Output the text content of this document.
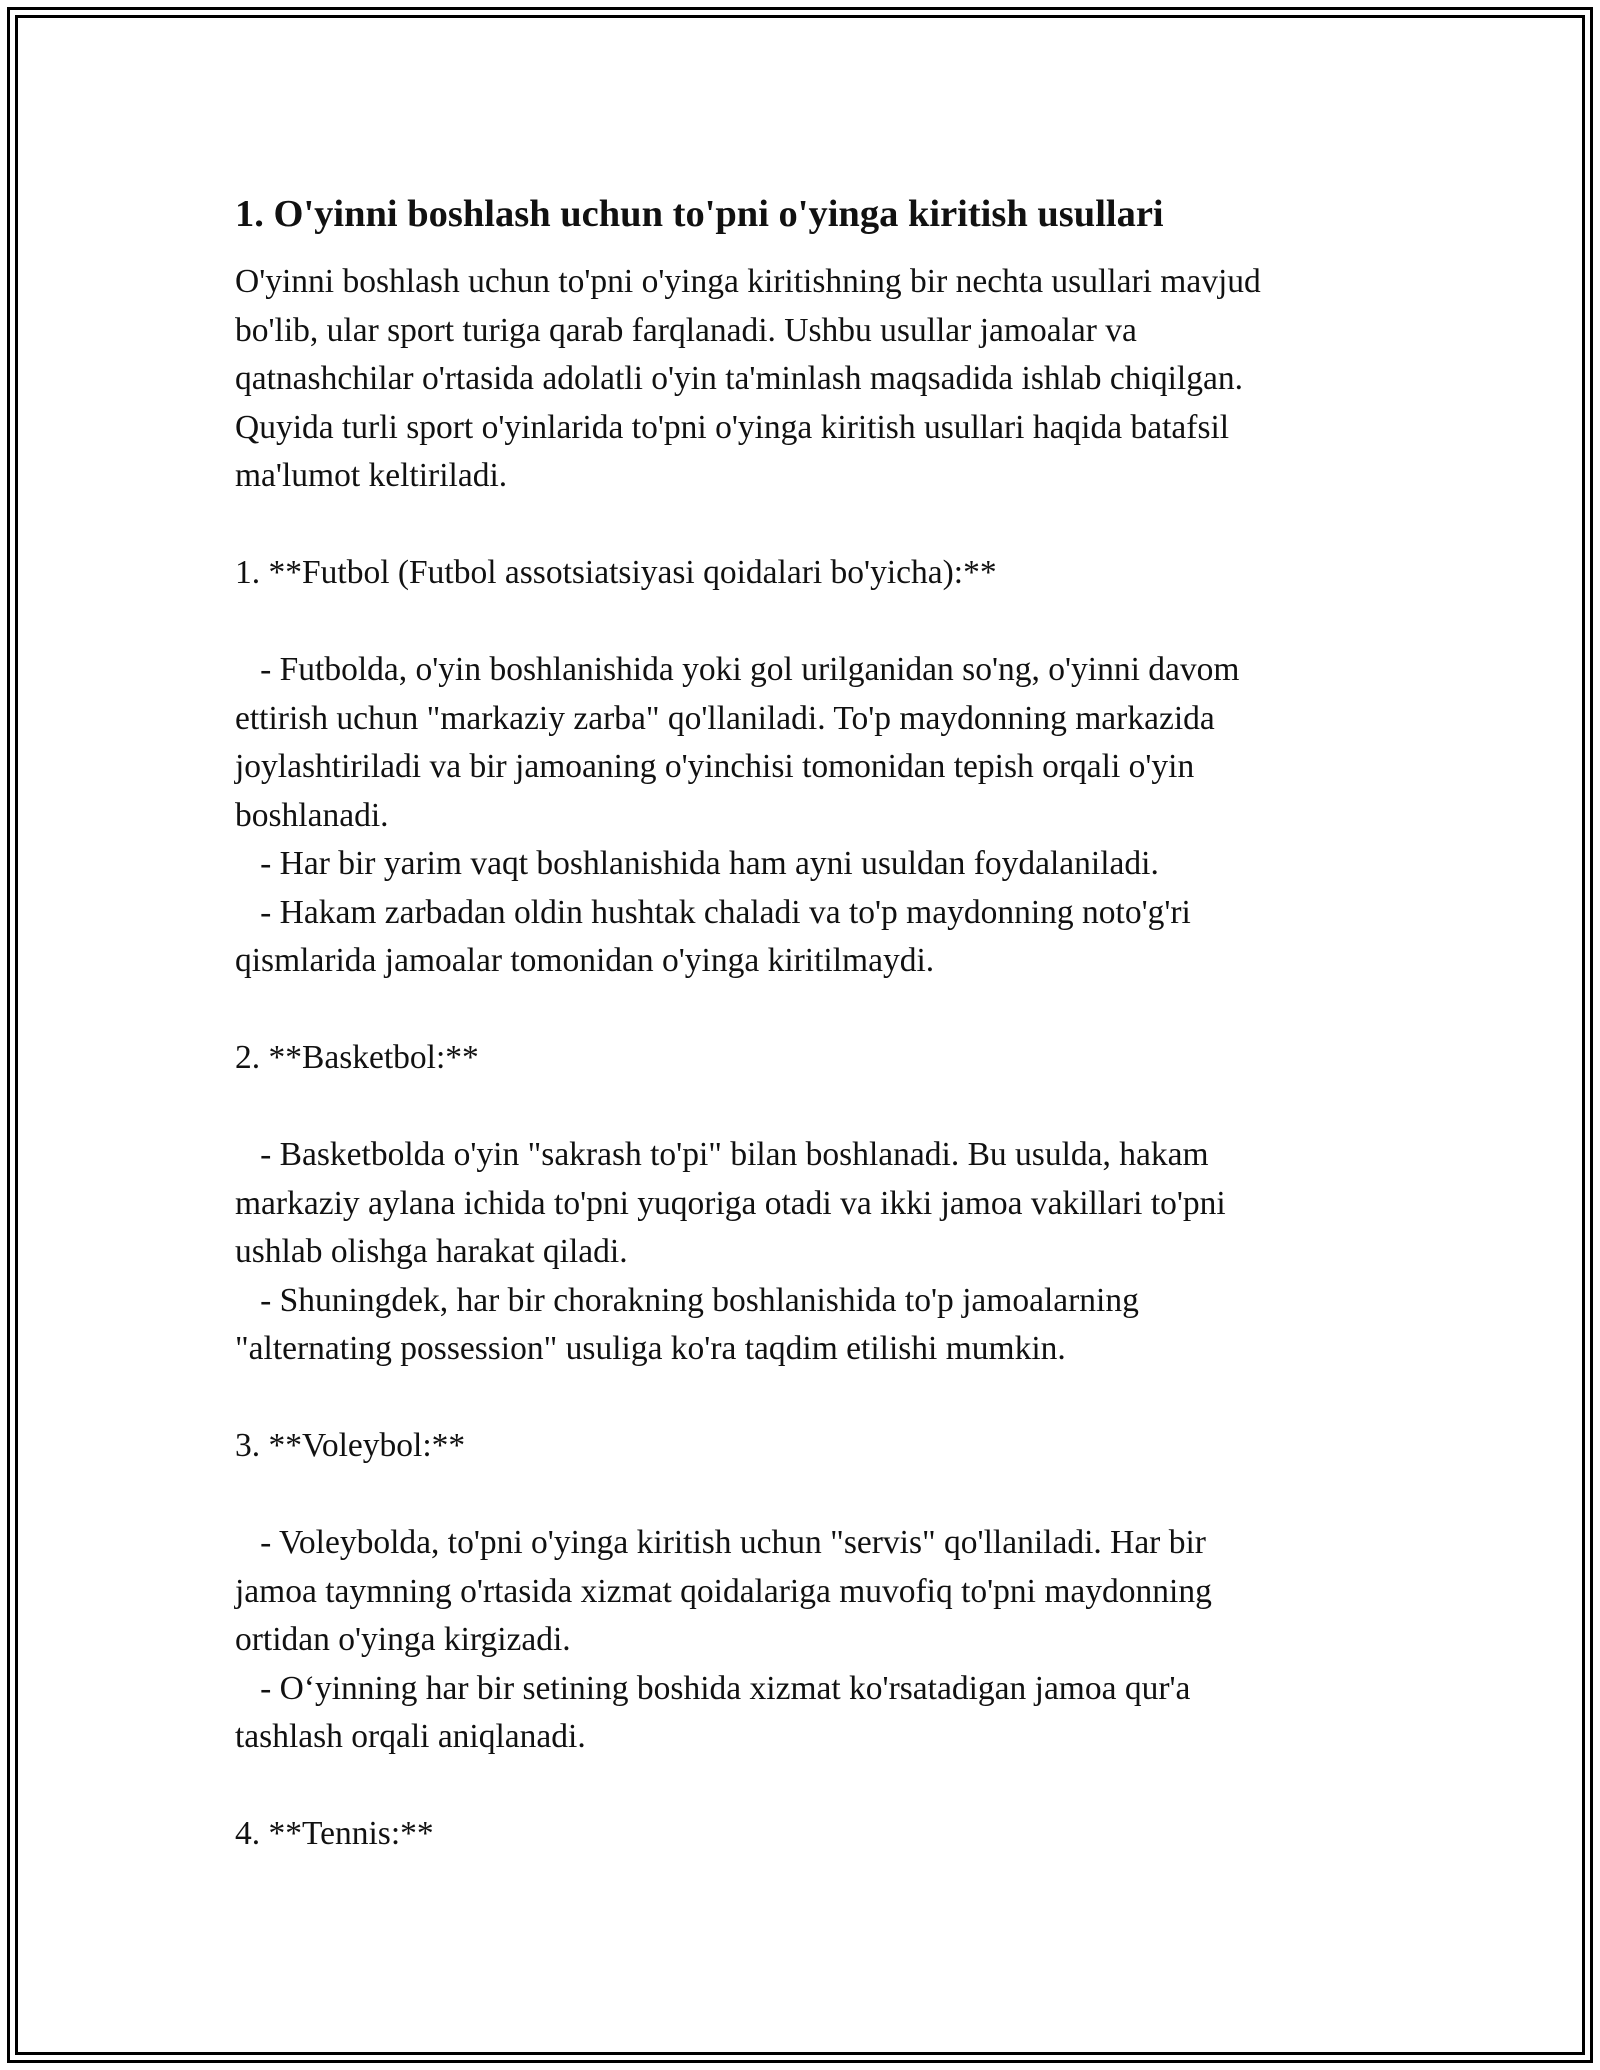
1. O'yinni boshlash uchun to'pni o'yinga kiritish usullari

O'yinni boshlash uchun to'pni o'yinga kiritishning bir nechta usullari mavjud
bo'lib, ular sport turiga qarab farqlanadi. Ushbu usullar jamoalar va
qatnashchilar o'rtasida adolatli o'yin ta'minlash maqsadida ishlab chiqilgan.
Quyida turli sport o'yinlarida to'pni o'yinga kiritish usullari haqida batafsil
ma'lumot keltiriladi.

1. **Futbol (Futbol assotsiatsiyasi qoidalari bo'yicha):**

- Futbolda, o'yin boshlanishida yoki gol urilganidan so'ng, o'yinni davom
ettirish uchun "markaziy zarba" qo'llaniladi. To'p maydonning markazida
joylashtiriladi va bir jamoaning o'yinchisi tomonidan tepish orqali o'yin
boshlanadi.
- Har bir yarim vaqt boshlanishida ham ayni usuldan foydalaniladi.
- Hakam zarbadan oldin hushtak chaladi va to'p maydonning noto'g'ri
qismlarida jamoalar tomonidan o'yinga kiritilmaydi.

2. **Basketbol:**

- Basketbolda o'yin "sakrash to'pi" bilan boshlanadi. Bu usulda, hakam
markaziy aylana ichida to'pni yuqoriga otadi va ikki jamoa vakillari to'pni
ushlab olishga harakat qiladi.
- Shuningdek, har bir chorakning boshlanishida to'p jamoalarning
"alternating possession" usuliga ko'ra taqdim etilishi mumkin.

3. **Voleybol:**

- Voleybolda, to'pni o'yinga kiritish uchun "servis" qo'llaniladi. Har bir
jamoa taymning o'rtasida xizmat qoidalariga muvofiq to'pni maydonning
ortidan o'yinga kirgizadi.
- O‘yinning har bir setining boshida xizmat ko'rsatadigan jamoa qur'a
tashlash orqali aniqlanadi.

4. **Tennis:**
